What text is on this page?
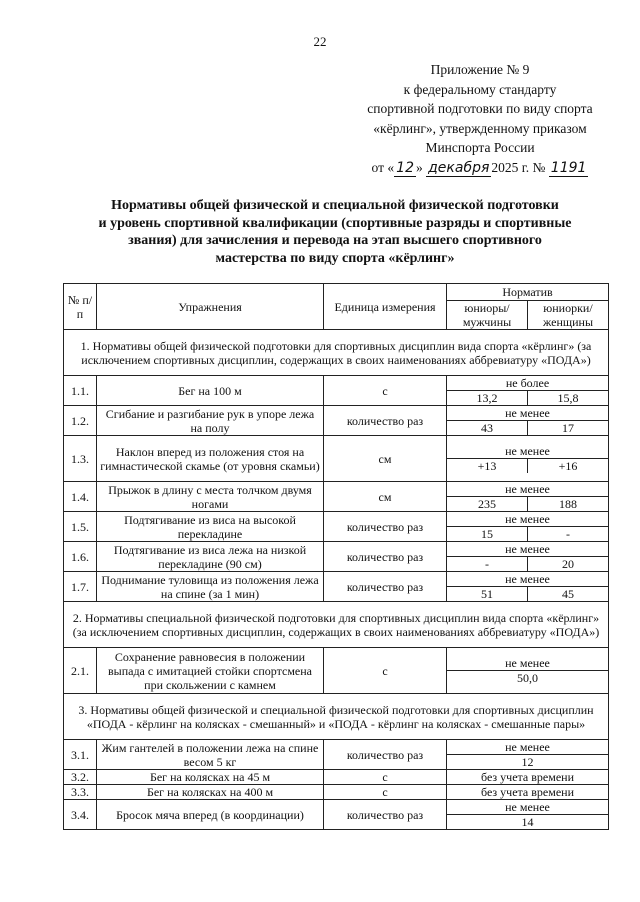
22
Приложение № 9
к федеральному стандарту
спортивной подготовки по виду спорта
«кёрлинг», утвержденному приказом
Минспорта России
от « 12 » декабря 2025 г. № 1191
Нормативы общей физической и специальной физической подготовки
и уровень спортивной квалификации (спортивные разряды и спортивные
звания) для зачисления и перевода на этап высшего спортивного
мастерства по виду спорта «кёрлинг»
№ п/п	Упражнения	Единица измерения	Норматив	
			юниоры/ мужчины	юниорки/ женщины
1. Нормативы общей физической подготовки для спортивных дисциплин вида спорта «кёрлинг» (за исключением спортивных дисциплин, содержащих в своих наименованиях аббревиатуру «ПОДА»)				
1.1.	Бег на 100 м	с	не более
13,2 15,8	

1.2.	Сгибание и разгибание рук в упоре лежа на полу	количество раз	не менее
43 17	

1.3.	Наклон вперед из положения стоя на гимнастической скамье (от уровня скамьи)	см	не менее
+13 +16	

1.4.	Прыжок в длину с места толчком двумя ногами	см	не менее
235 188	

1.5.	Подтягивание из виса на высокой перекладине	количество раз	не менее
15 -	

1.6.	Подтягивание из виса лежа на низкой перекладине (90 см)	количество раз	не менее
- 20	

1.7.	Поднимание туловища из положения лежа на спине (за 1 мин)	количество раз	не менее
51 45	

2. Нормативы специальной физической подготовки для спортивных дисциплин вида спорта «кёрлинг» (за исключением спортивных дисциплин, содержащих в своих наименованиях аббревиатуру «ПОДА»)				
2.1.	Сохранение равновесия в положении выпада с имитацией стойки спортсмена при скольжении с камнем	с	не менее
50,0	

3. Нормативы общей физической и специальной физической подготовки для спортивных дисциплин «ПОДА - кёрлинг на колясках - смешанный» и «ПОДА - кёрлинг на колясках - смешанные пары»				
3.1.	Жим гантелей в положении лежа на спине весом 5 кг	количество раз	не менее
12	

3.2.	Бег на колясках на 45 м	с	без учета времени	
3.3.	Бег на колясках на 400 м	с	без учета времени	
3.4.	Бросок мяча вперед (в координации)	количество раз	не менее
14	
